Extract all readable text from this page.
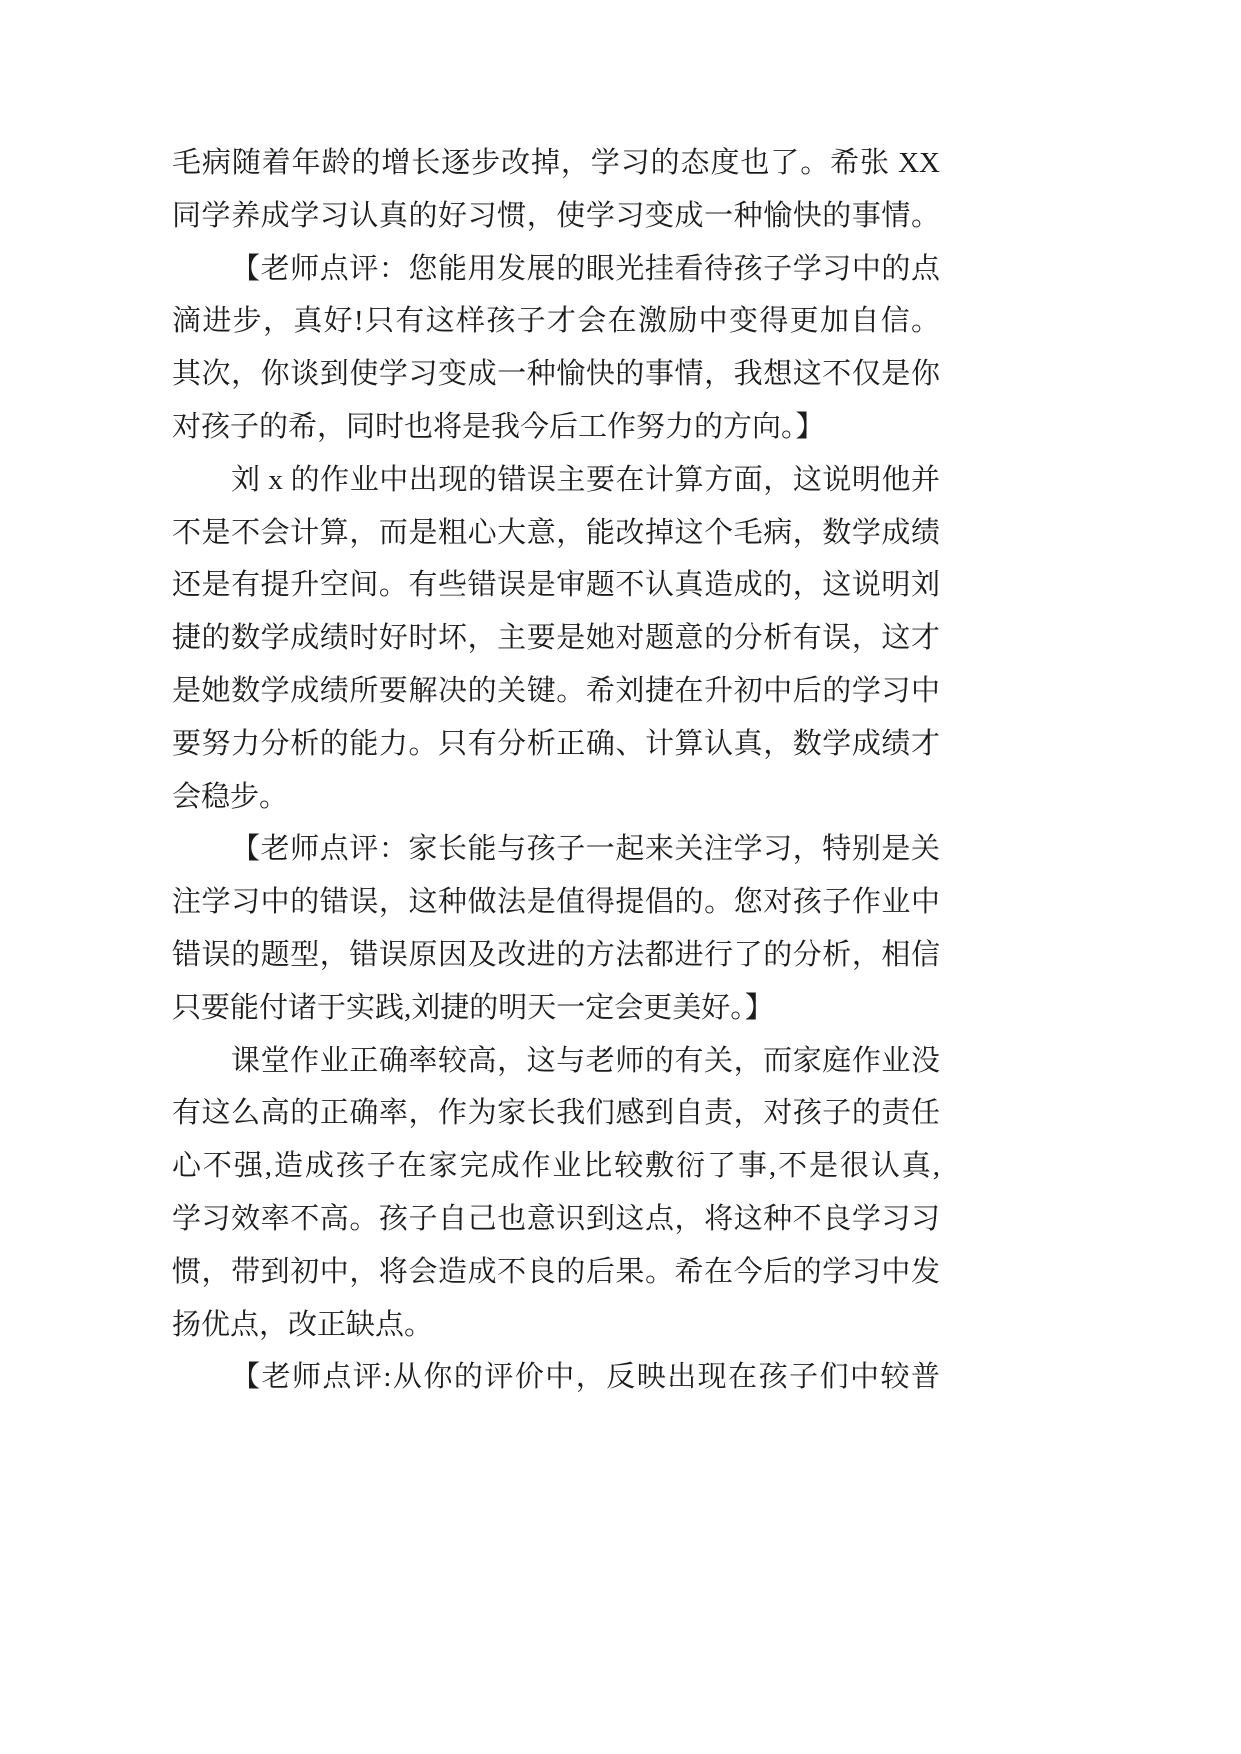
毛病随着年龄的增长逐步改掉，学习的态度也了。希张 XX
同学养成学习认真的好习惯，使学习变成一种愉快的事情。
【老师点评：您能用发展的眼光挂看待孩子学习中的点
滴进步，真好!只有这样孩子才会在激励中变得更加自信。
其次，你谈到使学习变成一种愉快的事情，我想这不仅是你
对孩子的希，同时也将是我今后工作努力的方向。】
刘 x 的作业中出现的错误主要在计算方面，这说明他并
不是不会计算，而是粗心大意，能改掉这个毛病，数学成绩
还是有提升空间。有些错误是审题不认真造成的，这说明刘
捷的数学成绩时好时坏，主要是她对题意的分析有误，这才
是她数学成绩所要解决的关键。希刘捷在升初中后的学习中
要努力分析的能力。只有分析正确、计算认真，数学成绩才
会稳步。
【老师点评：家长能与孩子一起来关注学习，特别是关
注学习中的错误，这种做法是值得提倡的。您对孩子作业中
错误的题型，错误原因及改进的方法都进行了的分析，相信
只要能付诸于实践,刘捷的明天一定会更美好。】
课堂作业正确率较高，这与老师的有关，而家庭作业没
有这么高的正确率，作为家长我们感到自责，对孩子的责任
心不强,造成孩子在家完成作业比较敷衍了事,不是很认真,
学习效率不高。孩子自己也意识到这点，将这种不良学习习
惯，带到初中，将会造成不良的后果。希在今后的学习中发
扬优点，改正缺点。
【老师点评:从你的评价中，反映出现在孩子们中较普
